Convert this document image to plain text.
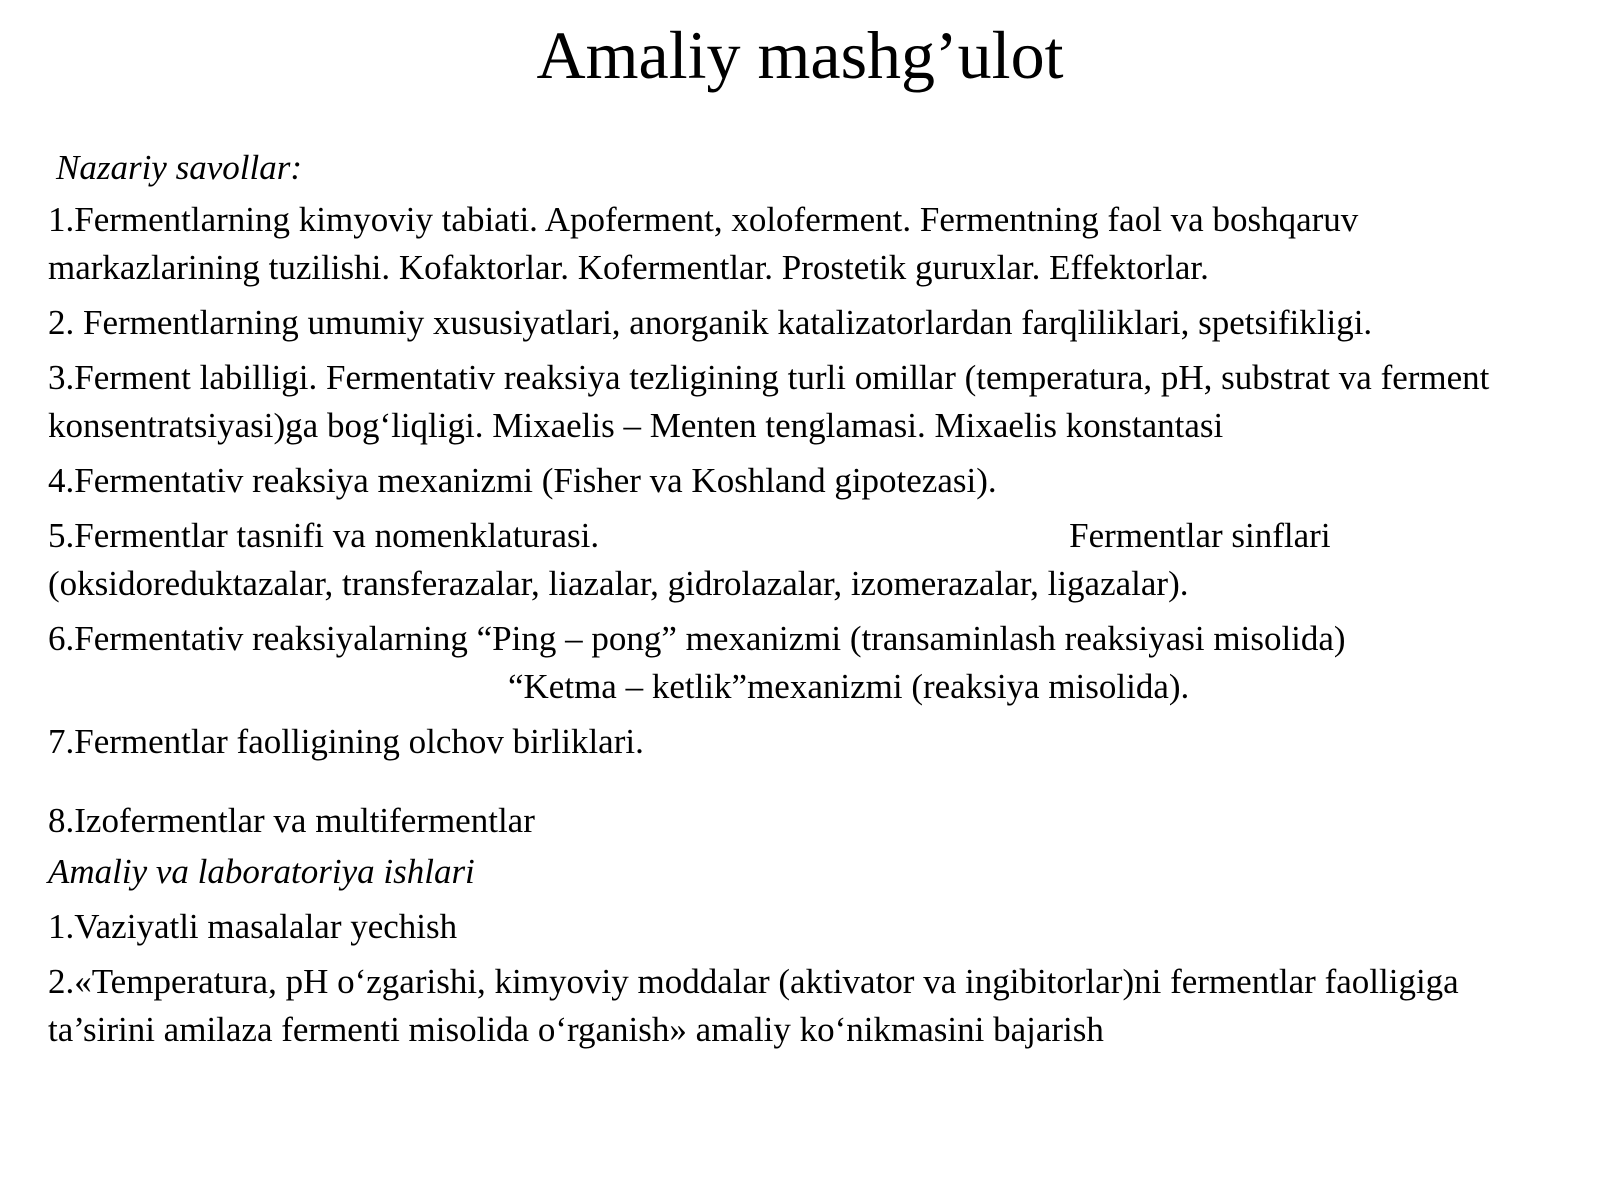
Amaliy mashg’ulot

Nazariy savollar:

1.Fermentlarning kimyoviy tabiati. Apoferment, xoloferment. Fermentning faol va boshqaruv markazlarining tuzilishi. Kofaktorlar. Kofermentlar. Prostetik guruxlar. Effektorlar.

2. Fermentlarning umumiy xususiyatlari, anorganik katalizatorlardan farqliliklari, spetsifikligi.

3.Ferment labilligi. Fermentativ reaksiya tezligining turli omillar (temperatura, pH, substrat va ferment konsentratsiyasi)ga bog‘liqligi. Mixaelis – Menten tenglamasi. Mixaelis konstantasi

4.Fermentativ reaksiya mexanizmi (Fisher va Koshland gipotezasi).

5.Fermentlar tasnifi va nomenklaturasi.	Fermentlar sinflari (oksidoreduktazalar, transferazalar, liazalar, gidrolazalar, izomerazalar, ligazalar).

6.Fermentativ reaksiyalarning “Ping – pong” mexanizmi (transaminlash reaksiyasi misolida)
“Ketma – ketlik”mexanizmi (reaksiya misolida).

7.Fermentlar faolligining olchov birliklari.

8.Izofermentlar va multifermentlar

Amaliy va laboratoriya ishlari

1.Vaziyatli masalalar yechish

2.«Temperatura, pH o‘zgarishi, kimyoviy moddalar (aktivator va ingibitorlar)ni fermentlar faolligiga ta’sirini amilaza fermenti misolida o‘rganish» amaliy ko‘nikmasini bajarish
